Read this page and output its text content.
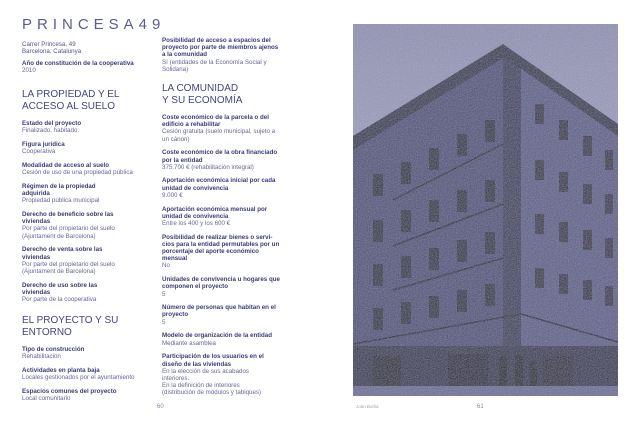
PRINCESA49
Carrer Princesa, 49
Barcelona, Catalunya
Año de constitución de la cooperativa
2010
LA PROPIEDAD Y EL
ACCESO AL SUELO
Estado del proyecto
Finalizado, habitado.
Figura jurídica
Cooperativa
Modalidad de acceso al suelo
Cesión de uso de una propiedad pública
Régimen de la propiedad
adquirida
Propiedad pública municipal
Derecho de beneficio sobre las
viviendas
Por parte del propietario del suelo
(Ajuntament de Barcelona)
Derecho de venta sobre las
viviendas
Por parte del propietario del suelo
(Ajuntament de Barcelona)
Derecho de uso sobre las
viviendas
Por parte de la cooperativa
EL PROYECTO Y SU
ENTORNO
Tipo de construcción
Rehabilitación
Actividades en planta baja
Locales gestionados por el ayuntamiento
Espacios comunes del proyecto
Local comunitario
Posibilidad de acceso a espacios del
proyecto por parte de miembros ajenos
a la comunidad
Sí (entidades de la Economía Social y
Solidaria)
LA COMUNIDAD
Y SU ECONOMÍA
Coste económico de la parcela o del
edificio a rehabilitar
Cesión gratuita (suelo municipal, sujeto a
un cánon)
Coste económico de la obra financiado
por la entidad
375.700 € (rehabilitación integral)
Aportación económica inicial por cada
unidad de convivencia
9.000 €
Aportación económica mensual por
unidad de convivencia
Entre los 400 y los 600 €
Posibilidad de realizar bienes o servi-
cios para la entidad permutables por un
porcentaje del aporte económico
mensual
No
Unidades de convivencia u hogares que
componen el proyecto
5
Número de personas que habitan en el
proyecto
5
Modelo de organización de la entidad
Mediante asamblea
Participación de los usuarios en el
diseño de las viviendas
En la elección de sus acabados
interiores.
En la definición de interiores
(distribución de módulos y tabiques)
60	Joan Borlia	61
